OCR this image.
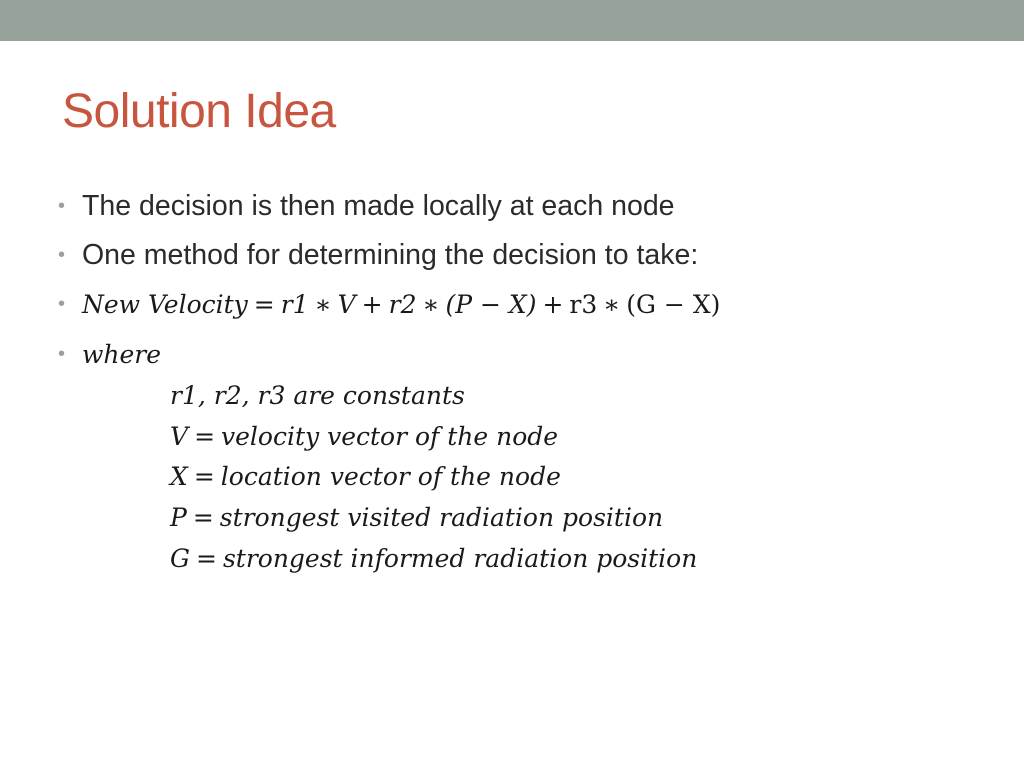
Solution Idea
• The decision is then made locally at each node
• One method for determining the decision to take:
• New Velocity = r1 ∗ V + r2 ∗ (P − X) + r3 ∗ (G − X)
• where
r1, r2, r3
are constants
V = velocity vector of the node
X = location vector of the node
P = strongest visited radiation position
G = strongest informed radiation position
